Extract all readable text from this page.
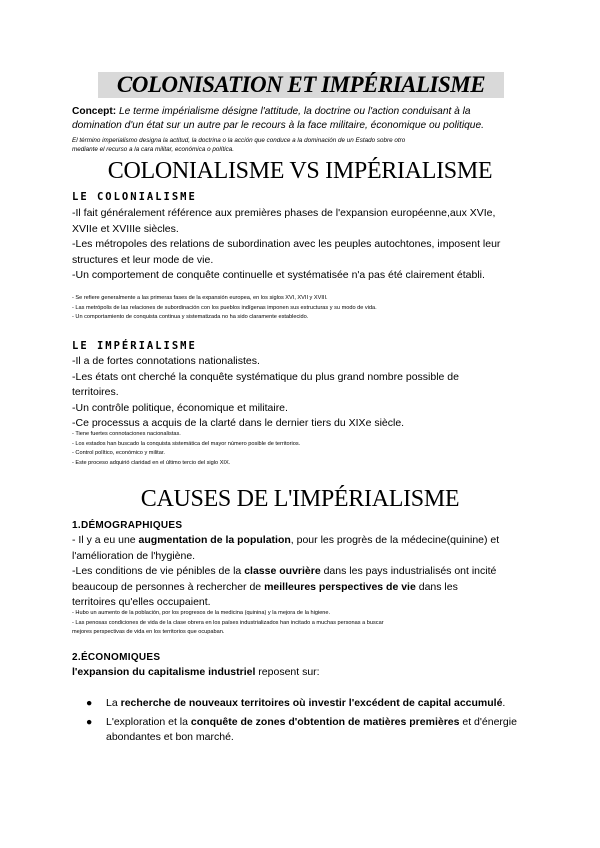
COLONISATION ET IMPÉRIALISME
Concept: Le terme impérialisme désigne l'attitude, la doctrine ou l'action conduisant à la
domination d'un état sur un autre par le recours à la face militaire, économique ou politique.
El término imperialismo designa la actitud, la doctrina o la acción que conduce a la dominación de un Estado sobre otro
mediante el recurso a la cara militar, económica o política.
COLONIALISME VS IMPÉRIALISME
LE COLONIALISME
-Il fait généralement référence aux premières phases de l'expansion européenne,aux XVIe,
XVIIe et XVIIIe siècles.
-Les métropoles des relations de subordination avec les peuples autochtones, imposent leur
structures et leur mode de vie.
-Un comportement de conquête continuelle et systématisée n'a pas été clairement établi.
- Se refiere generalmente a las primeras fases de la expansión europea, en los siglos XVI, XVII y XVIII.
- Las metrópolis de las relaciones de subordinación con los pueblos indígenas imponen sus estructuras y su modo de vida.
- Un comportamiento de conquista continua y sistematizada no ha sido claramente establecido.
LE IMPÉRIALISME
-Il a de fortes connotations nationalistes.
-Les états ont cherché la conquête systématique du plus grand nombre possible de
territoires.
-Un contrôle politique, économique et militaire.
-Ce processus a acquis de la clarté dans le dernier tiers du XIXe siècle.
- Tiene fuertes connotaciones nacionalistas.
- Los estados han buscado la conquista sistemática del mayor número posible de territorios.
- Control político, económico y militar.
- Este proceso adquirió claridad en el último tercio del siglo XIX.
CAUSES DE L'IMPÉRIALISME
1.DÉMOGRAPHIQUES
- Il y a eu une augmentation de la population, pour les progrès de la médecine(quinine) et
l'amélioration de l'hygiène.
-Les conditions de vie pénibles de la classe ouvrière dans les pays industrialisés ont incité
beaucoup de personnes à rechercher de meilleures perspectives de vie dans les
territoires qu'elles occupaient.
- Hubo un aumento de la población, por los progresos de la medicina (quinina) y la mejora de la higiene.
- Las penosas condiciones de vida de la clase obrera en los países industrializados han incitado a muchas personas a buscar
mejores perspectivas de vida en los territorios que ocupaban.
2.ÉCONOMIQUES
l'expansion du capitalisme industriel reposent sur:
● La recherche de nouveaux territoires où investir l'excédent de capital accumulé.
● L'exploration et la conquête de zones d'obtention de matières premières et d'énergie abondantes et bon marché.
